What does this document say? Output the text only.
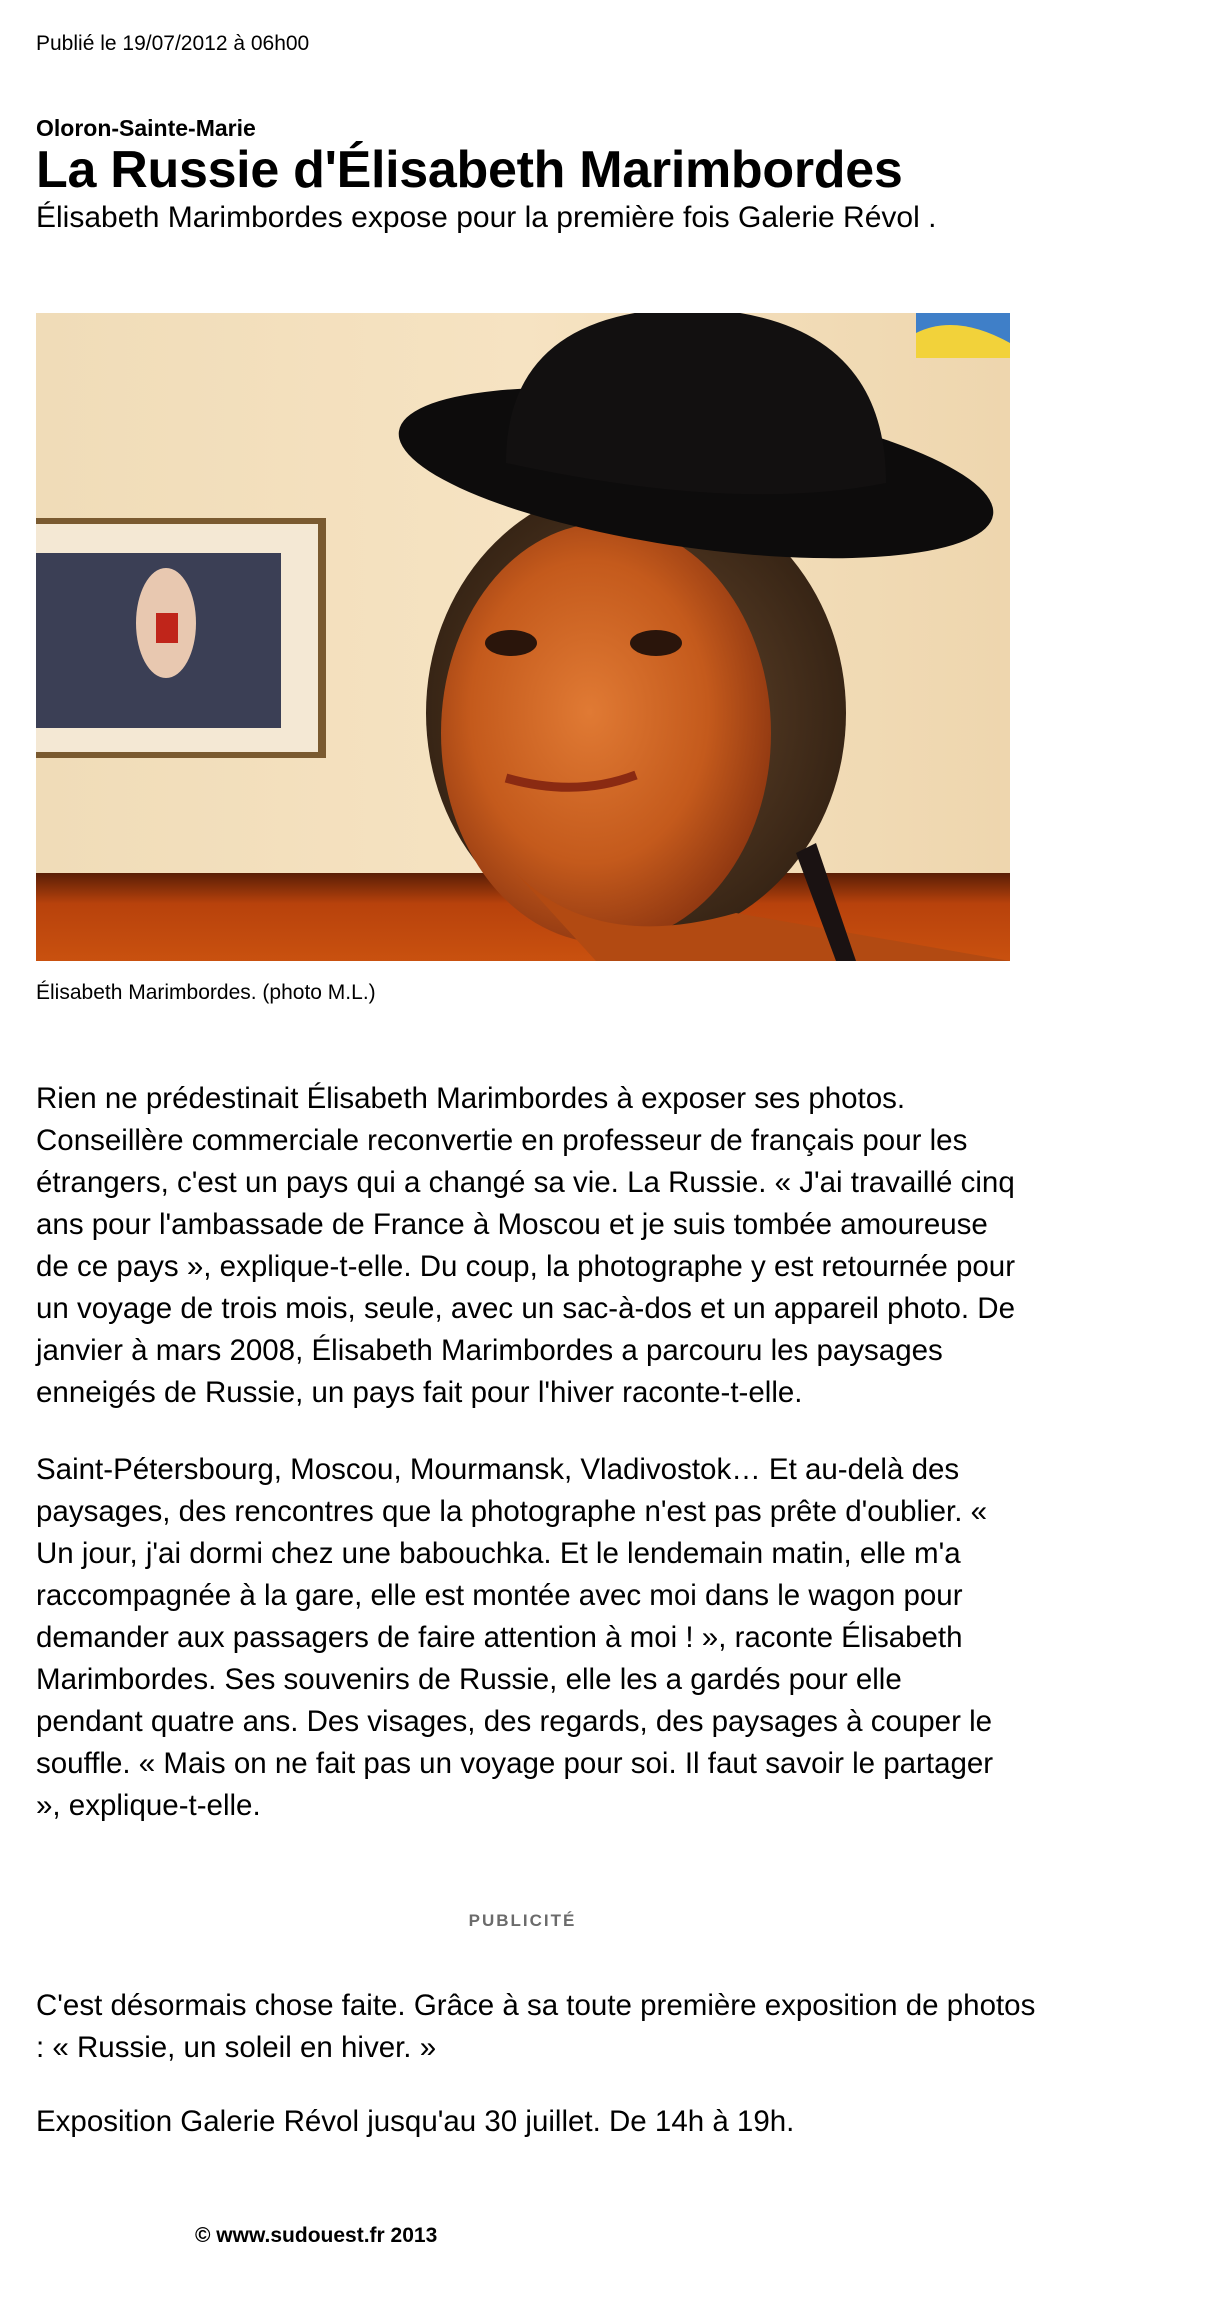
Publié le 19/07/2012 à 06h00
Oloron-Sainte-Marie
La Russie d'Élisabeth Marimbordes
Élisabeth Marimbordes expose pour la première fois Galerie Révol .
Élisabeth Marimbordes. (photo M.L.)

Rien ne prédestinait Élisabeth Marimbordes à exposer ses photos. Conseillère commerciale reconvertie en professeur de français pour les étrangers, c'est un pays qui a changé sa vie. La Russie. « J'ai travaillé cinq ans pour l'ambassade de France à Moscou et je suis tombée amoureuse de ce pays », explique-t-elle. Du coup, la photographe y est retournée pour un voyage de trois mois, seule, avec un sac-à-dos et un appareil photo. De janvier à mars 2008, Élisabeth Marimbordes a parcouru les paysages enneigés de Russie, un pays fait pour l'hiver raconte-t-elle.

Saint-Pétersbourg, Moscou, Mourmansk, Vladivostok… Et au-delà des paysages, des rencontres que la photographe n'est pas prête d'oublier. « Un jour, j'ai dormi chez une babouchka. Et le lendemain matin, elle m'a raccompagnée à la gare, elle est montée avec moi dans le wagon pour demander aux passagers de faire attention à moi ! », raconte Élisabeth Marimbordes. Ses souvenirs de Russie, elle les a gardés pour elle pendant quatre ans. Des visages, des regards, des paysages à couper le souffle. « Mais on ne fait pas un voyage pour soi. Il faut savoir le partager », explique-t-elle.

PUBLICITÉ

C'est désormais chose faite. Grâce à sa toute première exposition de photos : « Russie, un soleil en hiver. »

Exposition Galerie Révol jusqu'au 30 juillet. De 14h à 19h.

© www.sudouest.fr 2013
